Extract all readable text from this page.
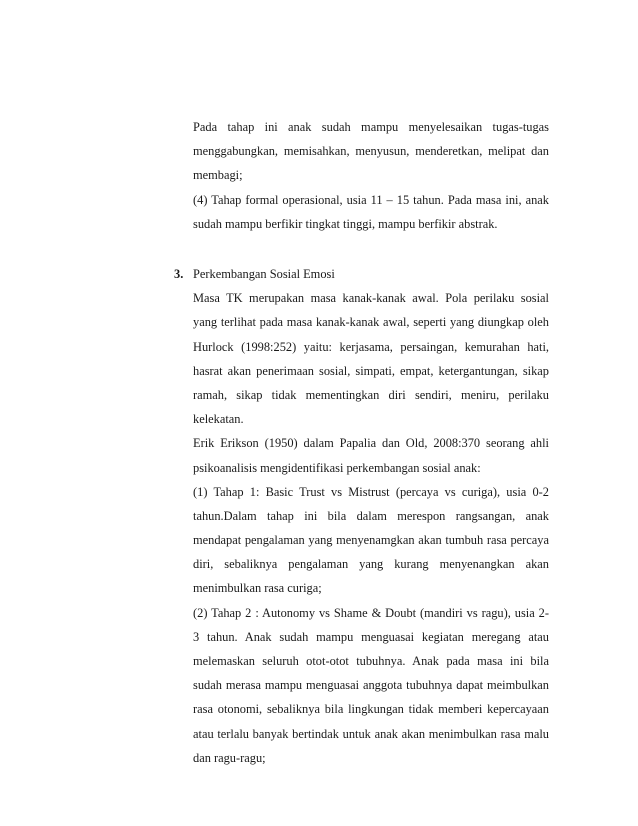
Pada tahap ini anak sudah mampu menyelesaikan tugas-tugas
menggabungkan, memisahkan, menyusun, menderetkan, melipat dan
membagi;
(4) Tahap formal operasional, usia 11 – 15 tahun. Pada masa ini, anak
sudah mampu berfikir tingkat tinggi, mampu berfikir abstrak.
3. Perkembangan Sosial Emosi
Masa TK merupakan masa kanak-kanak awal. Pola perilaku sosial
yang terlihat pada masa kanak-kanak awal, seperti yang diungkap oleh
Hurlock (1998:252) yaitu: kerjasama, persaingan, kemurahan hati,
hasrat akan penerimaan sosial, simpati, empat, ketergantungan, sikap
ramah, sikap tidak mementingkan diri sendiri, meniru, perilaku
kelekatan.
Erik Erikson (1950) dalam Papalia dan Old, 2008:370 seorang ahli
psikoanalisis mengidentifikasi perkembangan sosial anak:
(1) Tahap 1: Basic Trust vs Mistrust (percaya vs curiga), usia 0-2
tahun.Dalam tahap ini bila dalam merespon rangsangan, anak
mendapat pengalaman yang menyenamgkan akan tumbuh rasa percaya
diri, sebaliknya pengalaman yang kurang menyenangkan akan
menimbulkan rasa curiga;
(2) Tahap 2 : Autonomy vs Shame & Doubt (mandiri vs ragu), usia 2-
3 tahun. Anak sudah mampu menguasai kegiatan meregang atau
melemaskan seluruh otot-otot tubuhnya. Anak pada masa ini bila
sudah merasa mampu menguasai anggota tubuhnya dapat meimbulkan
rasa otonomi, sebaliknya bila lingkungan tidak memberi kepercayaan
atau terlalu banyak bertindak untuk anak akan menimbulkan rasa malu
dan ragu-ragu;
